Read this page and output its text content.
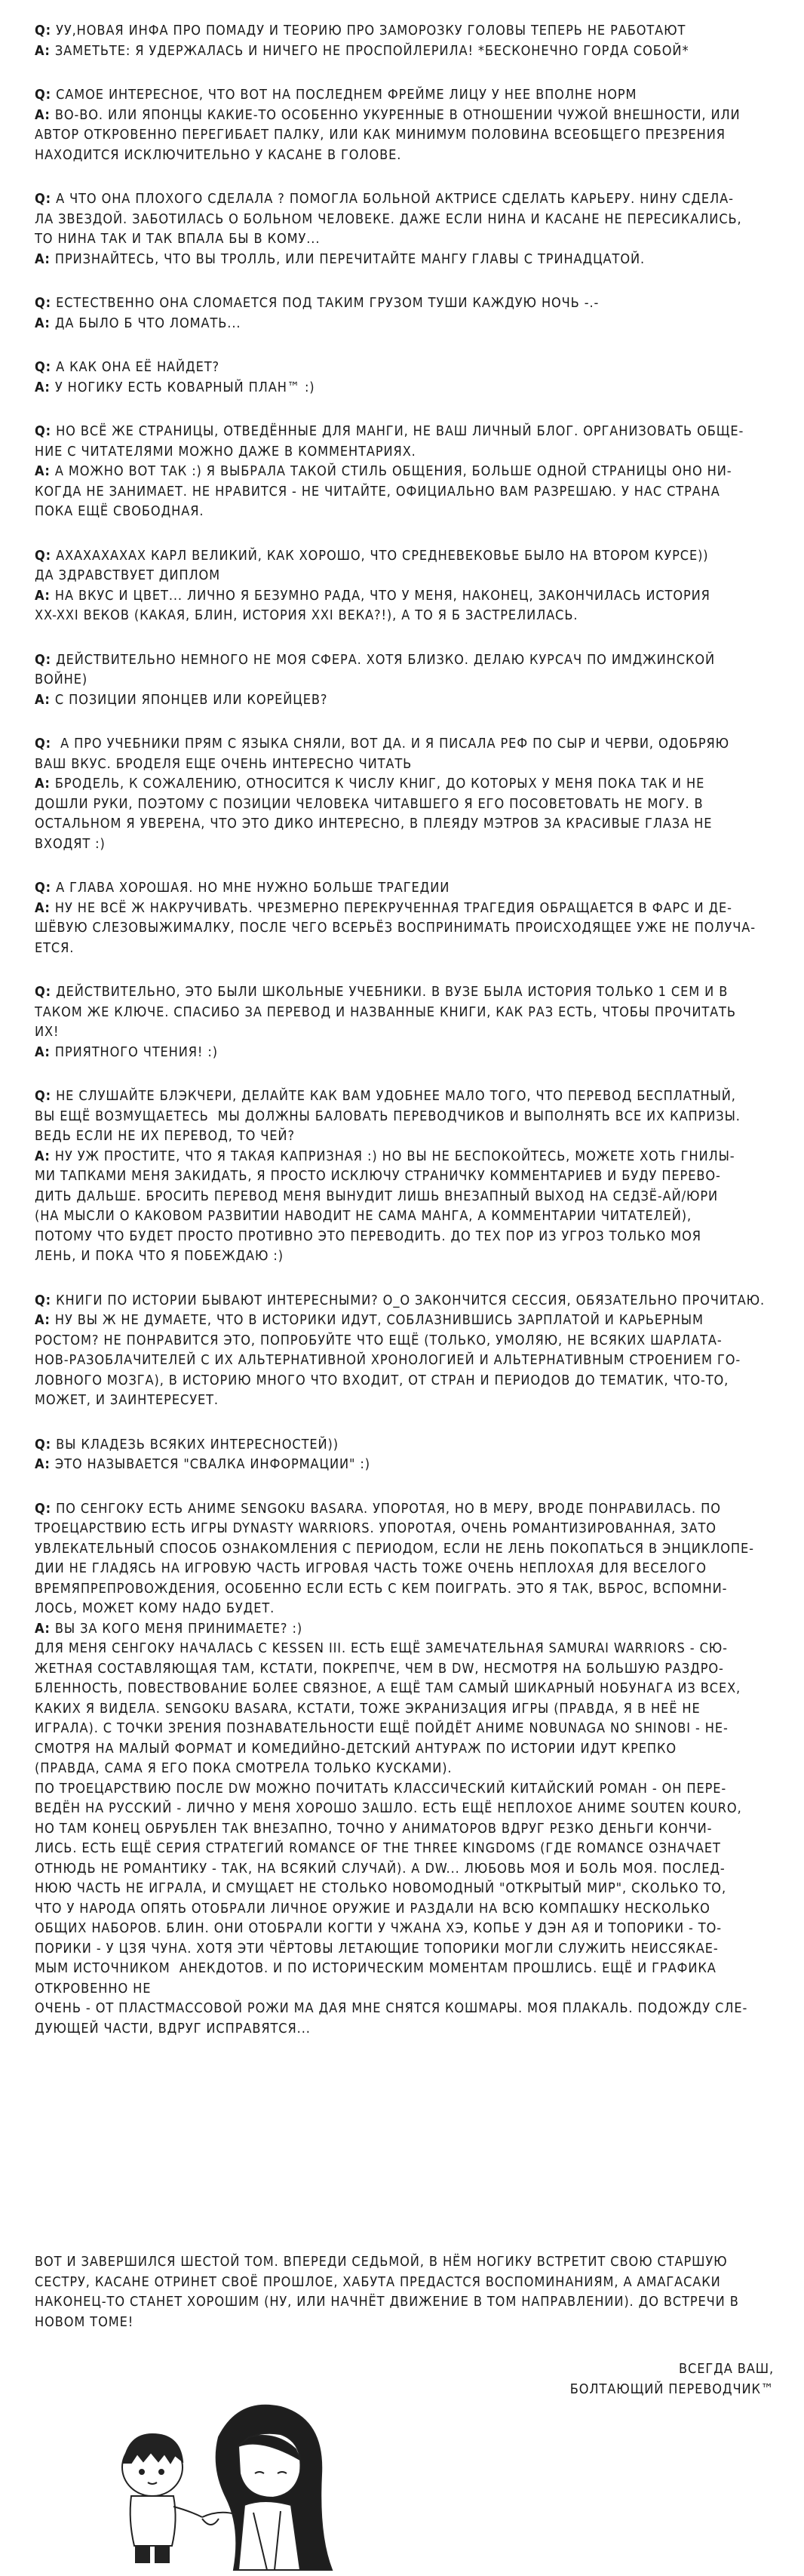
Q: УУ,НОВАЯ ИНФА ПРО ПОМАДУ И ТЕОРИЮ ПРО ЗАМОРОЗКУ ГОЛОВЫ ТЕПЕРЬ НЕ РАБОТАЮТ

А: ЗАМЕТЬТЕ: Я УДЕРЖАЛАСЬ И НИЧЕГО НЕ ПРОСПОЙЛЕРИЛА! *БЕСКОНЕЧНО ГОРДА СОБОЙ*

Q: САМОЕ ИНТЕРЕСНОЕ, ЧТО ВОТ НА ПОСЛЕДНЕМ ФРЕЙМЕ ЛИЦУ У НЕЕ ВПОЛНЕ НОРМ

А: ВО-ВО. ИЛИ ЯПОНЦЫ КАКИЕ-ТО ОСОБЕННО УКУРЕННЫЕ В ОТНОШЕНИИ ЧУЖОЙ ВНЕШНОСТИ, ИЛИ

АВТОР ОТКРОВЕННО ПЕРЕГИБАЕТ ПАЛКУ, ИЛИ КАК МИНИМУМ ПОЛОВИНА ВСЕОБЩЕГО ПРЕЗРЕНИЯ

НАХОДИТСЯ ИСКЛЮЧИТЕЛЬНО У КАСАНЕ В ГОЛОВЕ.

Q: А ЧТО ОНА ПЛОХОГО СДЕЛАЛА ? ПОМОГЛА БОЛЬНОЙ АКТРИСЕ СДЕЛАТЬ КАРЬЕРУ. НИНУ СДЕЛА-

ЛА ЗВЕЗДОЙ. ЗАБОТИЛАСЬ О БОЛЬНОМ ЧЕЛОВЕКЕ. ДАЖЕ ЕСЛИ НИНА И КАСАНЕ НЕ ПЕРЕСИКАЛИСЬ,

ТО НИНА ТАК И ТАК ВПАЛА БЫ В КОМУ...

А: ПРИЗНАЙТЕСЬ, ЧТО ВЫ ТРОЛЛЬ, ИЛИ ПЕРЕЧИТАЙТЕ МАНГУ ГЛАВЫ С ТРИНАДЦАТОЙ.

Q: ЕСТЕСТВЕННО ОНА СЛОМАЕТСЯ ПОД ТАКИМ ГРУЗОМ ТУШИ КАЖДУЮ НОЧЬ -.-

А: ДА БЫЛО Б ЧТО ЛОМАТЬ...

Q: А КАК ОНА ЕЁ НАЙДЕТ?

А: У НОГИКУ ЕСТЬ КОВАРНЫЙ ПЛАН™ :)

Q: НО ВСЁ ЖЕ СТРАНИЦЫ, ОТВЕДЁННЫЕ ДЛЯ МАНГИ, НЕ ВАШ ЛИЧНЫЙ БЛОГ. ОРГАНИЗОВАТЬ ОБЩЕ-

НИЕ С ЧИТАТЕЛЯМИ МОЖНО ДАЖЕ В КОММЕНТАРИЯХ.

А: А МОЖНО ВОТ ТАК :) Я ВЫБРАЛА ТАКОЙ СТИЛЬ ОБЩЕНИЯ, БОЛЬШЕ ОДНОЙ СТРАНИЦЫ ОНО НИ-

КОГДА НЕ ЗАНИМАЕТ. НЕ НРАВИТСЯ - НЕ ЧИТАЙТЕ, ОФИЦИАЛЬНО ВАМ РАЗРЕШАЮ. У НАС СТРАНА

ПОКА ЕЩЁ СВОБОДНАЯ.

Q: АХАХАХАХАХ КАРЛ ВЕЛИКИЙ, КАК ХОРОШО, ЧТО СРЕДНЕВЕКОВЬЕ БЫЛО НА ВТОРОМ КУРСЕ))

ДА ЗДРАВСТВУЕТ ДИПЛОМ

А: НА ВКУС И ЦВЕТ... ЛИЧНО Я БЕЗУМНО РАДА, ЧТО У МЕНЯ, НАКОНЕЦ, ЗАКОНЧИЛАСЬ ИСТОРИЯ

XX-XXI ВЕКОВ (КАКАЯ, БЛИН, ИСТОРИЯ XXI ВЕКА?!), А ТО Я Б ЗАСТРЕЛИЛАСЬ.

Q: ДЕЙСТВИТЕЛЬНО НЕМНОГО НЕ МОЯ СФЕРА. ХОТЯ БЛИЗКО. ДЕЛАЮ КУРСАЧ ПО ИМДЖИНСКОЙ

ВОЙНЕ)

А: С ПОЗИЦИИ ЯПОНЦЕВ ИЛИ КОРЕЙЦЕВ?

Q:  А ПРО УЧЕБНИКИ ПРЯМ С ЯЗЫКА СНЯЛИ, ВОТ ДА. И Я ПИСАЛА РЕФ ПО СЫР И ЧЕРВИ, ОДОБРЯЮ

ВАШ ВКУС. БРОДЕЛЯ ЕЩЕ ОЧЕНЬ ИНТЕРЕСНО ЧИТАТЬ

А: БРОДЕЛЬ, К СОЖАЛЕНИЮ, ОТНОСИТСЯ К ЧИСЛУ КНИГ, ДО КОТОРЫХ У МЕНЯ ПОКА ТАК И НЕ

ДОШЛИ РУКИ, ПОЭТОМУ С ПОЗИЦИИ ЧЕЛОВЕКА ЧИТАВШЕГО Я ЕГО ПОСОВЕТОВАТЬ НЕ МОГУ. В

ОСТАЛЬНОМ Я УВЕРЕНА, ЧТО ЭТО ДИКО ИНТЕРЕСНО, В ПЛЕЯДУ МЭТРОВ ЗА КРАСИВЫЕ ГЛАЗА НЕ

ВХОДЯТ :)

Q: А ГЛАВА ХОРОШАЯ. НО МНЕ НУЖНО БОЛЬШЕ ТРАГЕДИИ

А: НУ НЕ ВСЁ Ж НАКРУЧИВАТЬ. ЧРЕЗМЕРНО ПЕРЕКРУЧЕННАЯ ТРАГЕДИЯ ОБРАЩАЕТСЯ В ФАРС И ДЕ-

ШЁВУЮ СЛЕЗОВЫЖИМАЛКУ, ПОСЛЕ ЧЕГО ВСЕРЬЁЗ ВОСПРИНИМАТЬ ПРОИСХОДЯЩЕЕ УЖЕ НЕ ПОЛУЧА-

ЕТСЯ.

Q: ДЕЙСТВИТЕЛЬНО, ЭТО БЫЛИ ШКОЛЬНЫЕ УЧЕБНИКИ. В ВУЗЕ БЫЛА ИСТОРИЯ ТОЛЬКО 1 СЕМ И В

ТАКОМ ЖЕ КЛЮЧЕ. СПАСИБО ЗА ПЕРЕВОД И НАЗВАННЫЕ КНИГИ, КАК РАЗ ЕСТЬ, ЧТОБЫ ПРОЧИТАТЬ

ИХ!

А: ПРИЯТНОГО ЧТЕНИЯ! :)

Q: НЕ СЛУШАЙТЕ БЛЭКЧЕРИ, ДЕЛАЙТЕ КАК ВАМ УДОБНЕЕ МАЛО ТОГО, ЧТО ПЕРЕВОД БЕСПЛАТНЫЙ,

ВЫ ЕЩЁ ВОЗМУЩАЕТЕСЬ  МЫ ДОЛЖНЫ БАЛОВАТЬ ПЕРЕВОДЧИКОВ И ВЫПОЛНЯТЬ ВСЕ ИХ КАПРИЗЫ.

ВЕДЬ ЕСЛИ НЕ ИХ ПЕРЕВОД, ТО ЧЕЙ?

А: НУ УЖ ПРОСТИТЕ, ЧТО Я ТАКАЯ КАПРИЗНАЯ :) НО ВЫ НЕ БЕСПОКОЙТЕСЬ, МОЖЕТЕ ХОТЬ ГНИЛЫ-

МИ ТАПКАМИ МЕНЯ ЗАКИДАТЬ, Я ПРОСТО ИСКЛЮЧУ СТРАНИЧКУ КОММЕНТАРИЕВ И БУДУ ПЕРЕВО-

ДИТЬ ДАЛЬШЕ. БРОСИТЬ ПЕРЕВОД МЕНЯ ВЫНУДИТ ЛИШЬ ВНЕЗАПНЫЙ ВЫХОД НА СЕДЗЁ-АЙ/ЮРИ

(НА МЫСЛИ О КАКОВОМ РАЗВИТИИ НАВОДИТ НЕ САМА МАНГА, А КОММЕНТАРИИ ЧИТАТЕЛЕЙ),

ПОТОМУ ЧТО БУДЕТ ПРОСТО ПРОТИВНО ЭТО ПЕРЕВОДИТЬ. ДО ТЕХ ПОР ИЗ УГРОЗ ТОЛЬКО МОЯ

ЛЕНЬ, И ПОКА ЧТО Я ПОБЕЖДАЮ :)

Q: КНИГИ ПО ИСТОРИИ БЫВАЮТ ИНТЕРЕСНЫМИ? О_О ЗАКОНЧИТСЯ СЕССИЯ, ОБЯЗАТЕЛЬНО ПРОЧИТАЮ.

А: НУ ВЫ Ж НЕ ДУМАЕТЕ, ЧТО В ИСТОРИКИ ИДУТ, СОБЛАЗНИВШИСЬ ЗАРПЛАТОЙ И КАРЬЕРНЫМ

РОСТОМ? НЕ ПОНРАВИТСЯ ЭТО, ПОПРОБУЙТЕ ЧТО ЕЩЁ (ТОЛЬКО, УМОЛЯЮ, НЕ ВСЯКИХ ШАРЛАТА-

НОВ-РАЗОБЛАЧИТЕЛЕЙ С ИХ АЛЬТЕРНАТИВНОЙ ХРОНОЛОГИЕЙ И АЛЬТЕРНАТИВНЫМ СТРОЕНИЕМ ГО-

ЛОВНОГО МОЗГА), В ИСТОРИЮ МНОГО ЧТО ВХОДИТ, ОТ СТРАН И ПЕРИОДОВ ДО ТЕМАТИК, ЧТО-ТО,

МОЖЕТ, И ЗАИНТЕРЕСУЕТ.

Q: ВЫ КЛАДЕЗЬ ВСЯКИХ ИНТЕРЕСНОСТЕЙ))

А: ЭТО НАЗЫВАЕТСЯ "СВАЛКА ИНФОРМАЦИИ" :)

Q: ПО СЕНГОКУ ЕСТЬ АНИМЕ SENGOKU BASARA. УПОРОТАЯ, НО В МЕРУ, ВРОДЕ ПОНРАВИЛАСЬ. ПО

ТРОЕЦАРСТВИЮ ЕСТЬ ИГРЫ DYNASTY WARRIORS. УПОРОТАЯ, ОЧЕНЬ РОМАНТИЗИРОВАННАЯ, ЗАТО

УВЛЕКАТЕЛЬНЫЙ СПОСОБ ОЗНАКОМЛЕНИЯ С ПЕРИОДОМ, ЕСЛИ НЕ ЛЕНЬ ПОКОПАТЬСЯ В ЭНЦИКЛОПЕ-

ДИИ НЕ ГЛАДЯСЬ НА ИГРОВУЮ ЧАСТЬ ИГРОВАЯ ЧАСТЬ ТОЖЕ ОЧЕНЬ НЕПЛОХАЯ ДЛЯ ВЕСЕЛОГО

ВРЕМЯПРЕПРОВОЖДЕНИЯ, ОСОБЕННО ЕСЛИ ЕСТЬ С КЕМ ПОИГРАТЬ. ЭТО Я ТАК, ВБРОС, ВСПОМНИ-

ЛОСЬ, МОЖЕТ КОМУ НАДО БУДЕТ.

А: ВЫ ЗА КОГО МЕНЯ ПРИНИМАЕТЕ? :)

ДЛЯ МЕНЯ СЕНГОКУ НАЧАЛАСЬ С KESSEN III. ЕСТЬ ЕЩЁ ЗАМЕЧАТЕЛЬНАЯ SAMURAI WARRIORS - СЮ-

ЖЕТНАЯ СОСТАВЛЯЮЩАЯ ТАМ, КСТАТИ, ПОКРЕПЧЕ, ЧЕМ В DW, НЕСМОТРЯ НА БОЛЬШУЮ РАЗДРО-

БЛЕННОСТЬ, ПОВЕСТВОВАНИЕ БОЛЕЕ СВЯЗНОЕ, А ЕЩЁ ТАМ САМЫЙ ШИКАРНЫЙ НОБУНАГА ИЗ ВСЕХ,

КАКИХ Я ВИДЕЛА. SENGOKU BASARA, КСТАТИ, ТОЖЕ ЭКРАНИЗАЦИЯ ИГРЫ (ПРАВДА, Я В НЕЁ НЕ

ИГРАЛА). С ТОЧКИ ЗРЕНИЯ ПОЗНАВАТЕЛЬНОСТИ ЕЩЁ ПОЙДЁТ АНИМЕ NOBUNAGA NO SHINOBI - НЕ-

СМОТРЯ НА МАЛЫЙ ФОРМАТ И КОМЕДИЙНО-ДЕТСКИЙ АНТУРАЖ ПО ИСТОРИИ ИДУТ КРЕПКО

(ПРАВДА, САМА Я ЕГО ПОКА СМОТРЕЛА ТОЛЬКО КУСКАМИ).

ПО ТРОЕЦАРСТВИЮ ПОСЛЕ DW МОЖНО ПОЧИТАТЬ КЛАССИЧЕСКИЙ КИТАЙСКИЙ РОМАН - ОН ПЕРЕ-

ВЕДЁН НА РУССКИЙ - ЛИЧНО У МЕНЯ ХОРОШО ЗАШЛО. ЕСТЬ ЕЩЁ НЕПЛОХОЕ АНИМЕ SOUTEN KOURO,

НО ТАМ КОНЕЦ ОБРУБЛЕН ТАК ВНЕЗАПНО, ТОЧНО У АНИМАТОРОВ ВДРУГ РЕЗКО ДЕНЬГИ КОНЧИ-

ЛИСЬ. ЕСТЬ ЕЩЁ СЕРИЯ СТРАТЕГИЙ ROMANCE OF THE THREE KINGDOMS (ГДЕ ROMANCE ОЗНАЧАЕТ

ОТНЮДЬ НЕ РОМАНТИКУ - ТАК, НА ВСЯКИЙ СЛУЧАЙ). А DW... ЛЮБОВЬ МОЯ И БОЛЬ МОЯ. ПОСЛЕД-

НЮЮ ЧАСТЬ НЕ ИГРАЛА, И СМУЩАЕТ НЕ СТОЛЬКО НОВОМОДНЫЙ "ОТКРЫТЫЙ МИР", СКОЛЬКО ТО,

ЧТО У НАРОДА ОПЯТЬ ОТОБРАЛИ ЛИЧНОЕ ОРУЖИЕ И РАЗДАЛИ НА ВСЮ КОМПАШКУ НЕСКОЛЬКО

ОБЩИХ НАБОРОВ. БЛИН. ОНИ ОТОБРАЛИ КОГТИ У ЧЖАНА ХЭ, КОПЬЕ У ДЭН АЯ И ТОПОРИКИ - ТО-

ПОРИКИ - У ЦЗЯ ЧУНА. ХОТЯ ЭТИ ЧЁРТОВЫ ЛЕТАЮЩИЕ ТОПОРИКИ МОГЛИ СЛУЖИТЬ НЕИССЯКАЕ-

МЫМ ИСТОЧНИКОМ  АНЕКДОТОВ. И ПО ИСТОРИЧЕСКИМ МОМЕНТАМ ПРОШЛИСЬ. ЕЩЁ И ГРАФИКА ОТКРОВЕННО НЕ

ОЧЕНЬ - ОТ ПЛАСТМАССОВОЙ РОЖИ МА ДАЯ МНЕ СНЯТСЯ КОШМАРЫ. МОЯ ПЛАКАЛЬ. ПОДОЖДУ СЛЕ-

ДУЮЩЕЙ ЧАСТИ, ВДРУГ ИСПРАВЯТСЯ...

ВОТ И ЗАВЕРШИЛСЯ ШЕСТОЙ ТОМ. ВПЕРЕДИ СЕДЬМОЙ, В НЁМ НОГИКУ ВСТРЕТИТ СВОЮ СТАРШУЮ

СЕСТРУ, КАСАНЕ ОТРИНЕТ СВОЁ ПРОШЛОЕ, ХАБУТА ПРЕДАСТСЯ ВОСПОМИНАНИЯМ, А АМАГАСАКИ

НАКОНЕЦ-ТО СТАНЕТ ХОРОШИМ (НУ, ИЛИ НАЧНЁТ ДВИЖЕНИЕ В ТОМ НАПРАВЛЕНИИ). ДО ВСТРЕЧИ В

НОВОМ ТОМЕ!

ВСЕГДА ВАШ,

БОЛТАЮЩИЙ ПЕРЕВОДЧИК™
